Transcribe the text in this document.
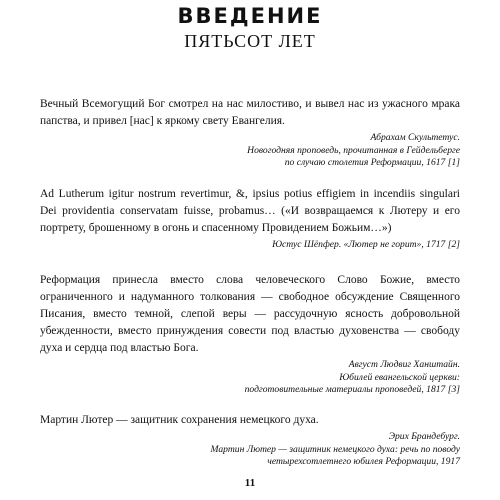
ВВЕДЕНИЕ
ПЯТЬСОТ ЛЕТ

Вечный Всемогущий Бог смотрел на нас милостиво, и вывел нас из ужасного мрака папства, и привел [нас] к яркому свету Евангелия.

Абрахам Скультетус.
Новогодняя проповедь, прочитанная в Гейдельберге
по случаю столетия Реформации, 1617 [1]

Ad Lutherum igitur nostrum revertimur, &, ipsius potius effigiem in incendiis singulari Dei providentia conservatam fuisse, probamus… («И возвращаемся к Лютеру и его портрету, брошенному в огонь и спасенному Провидением Божьим…»)

Юстус Шёпфер. «Лютер не горит», 1717 [2]

Реформация принесла вместо слова человеческого Слово Божие, вместо ограниченного и надуманного толкования — свободное обсуждение Священного Писания, вместо темной, слепой веры — рассудочную ясность добровольной убежденности, вместо принуждения совести под властью духовенства — свободу духа и сердца под властью Бога.

Август Людвиг Ханштайн.
Юбилей евангельской церкви:
подготовительные материалы проповедей, 1817 [3]

Мартин Лютер — защитник сохранения немецкого духа.

Эрих Брандебург.
Мартин Лютер — защитник немецкого духа: речь по поводу
четырехсотлетнего юбилея Реформации, 1917

11
